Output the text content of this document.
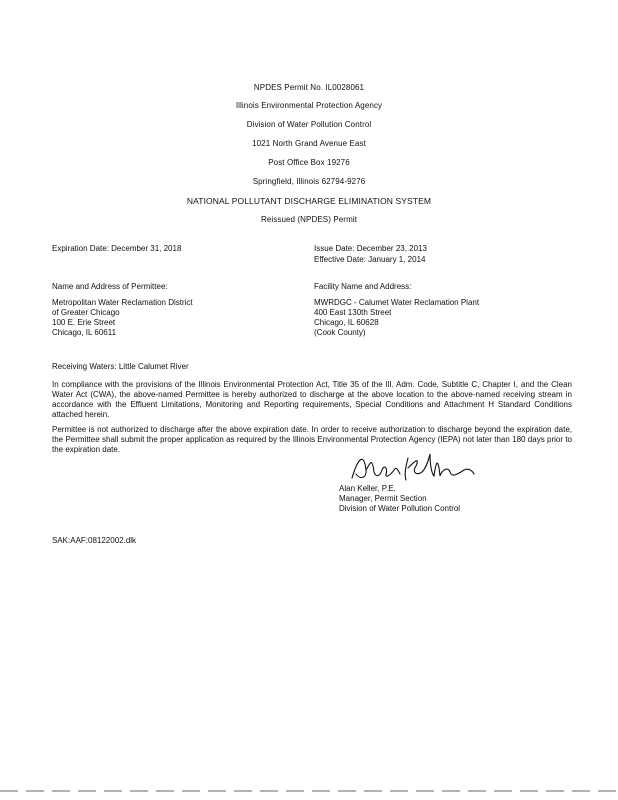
NPDES Permit No. IL0028061
Illinois Environmental Protection Agency
Division of Water Pollution Control
1021 North Grand Avenue East
Post Office Box 19276
Springfield, Illinois 62794-9276
NATIONAL POLLUTANT DISCHARGE ELIMINATION SYSTEM
Reissued (NPDES) Permit
Expiration Date: December 31, 2018	Issue Date: December 23, 2013
Effective Date: January 1, 2014
Name and Address of Permittee:
Metropolitan Water Reclamation District
of Greater Chicago
100 E. Erie Street
Chicago, IL 60611
Facility Name and Address:
MWRDGC - Calumet Water Reclamation Plant
400 East 130th Street
Chicago, IL 60628
(Cook County)
Receiving Waters: Little Calumet River
In compliance with the provisions of the Illinois Environmental Protection Act, Title 35 of the Ill. Adm. Code, Subtitle C, Chapter I, and the Clean Water Act (CWA), the above-named Permittee is hereby authorized to discharge at the above location to the above-named receiving stream in accordance with the Effluent Limitations, Monitoring and Reporting requirements, Special Conditions and Attachment H Standard Conditions attached herein.
Permittee is not authorized to discharge after the above expiration date. In order to receive authorization to discharge beyond the expiration date, the Permittee shall submit the proper application as required by the Illinois Environmental Protection Agency (IEPA) not later than 180 days prior to the expiration date.
Alan Keller, P.E.
Manager, Permit Section
Division of Water Pollution Control
SAK:AAF:08122002.dlk
